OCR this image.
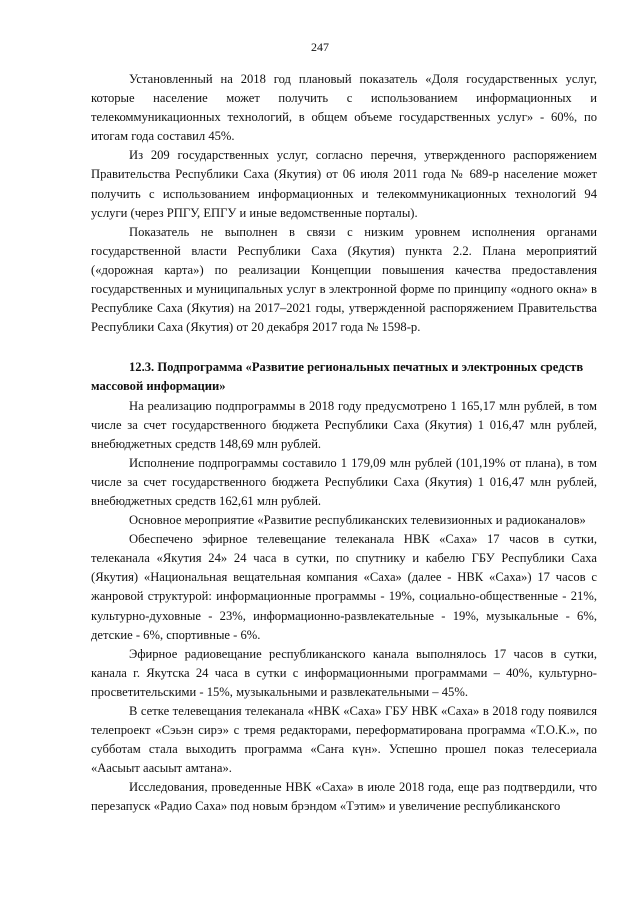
247

Установленный на 2018 год плановый показатель «Доля государственных услуг, которые население может получить с использованием информационных и телекоммуникационных технологий, в общем объеме государственных услуг» - 60%, по итогам года составил 45%.

Из 209 государственных услуг, согласно перечня, утвержденного распоряжением Правительства Республики Саха (Якутия) от 06 июля 2011 года № 689-р население может получить с использованием информационных и телекоммуникационных технологий 94 услуги (через РПГУ, ЕПГУ и иные ведомственные порталы).

Показатель не выполнен в связи с низким уровнем исполнения органами государственной власти Республики Саха (Якутия) пункта 2.2. Плана мероприятий («дорожная карта») по реализации Концепции повышения качества предоставления государственных и муниципальных услуг в электронной форме по принципу «одного окна» в Республике Саха (Якутия) на 2017–2021 годы, утвержденной распоряжением Правительства Республики Саха (Якутия) от 20 декабря 2017 года № 1598-р.

12.3. Подпрограмма «Развитие региональных печатных и электронных средств массовой информации»

На реализацию подпрограммы в 2018 году предусмотрено 1 165,17 млн рублей, в том числе за счет государственного бюджета Республики Саха (Якутия) 1 016,47 млн рублей, внебюджетных средств 148,69 млн рублей.

Исполнение подпрограммы составило 1 179,09 млн рублей (101,19% от плана), в том числе за счет государственного бюджета Республики Саха (Якутия) 1 016,47 млн рублей, внебюджетных средств 162,61 млн рублей.

Основное мероприятие «Развитие республиканских телевизионных и радиоканалов»

Обеспечено эфирное телевещание телеканала НВК «Саха» 17 часов в сутки, телеканала «Якутия 24» 24 часа в сутки, по спутнику и кабелю ГБУ Республики Саха (Якутия) «Национальная вещательная компания «Саха» (далее - НВК «Саха») 17 часов с жанровой структурой: информационные программы - 19%, социально-общественные - 21%, культурно-духовные - 23%, информационно-развлекательные - 19%, музыкальные - 6%, детские - 6%, спортивные - 6%.

Эфирное радиовещание республиканского канала выполнялось 17 часов в сутки, канала г. Якутска 24 часа в сутки с информационными программами – 40%, культурно-просветительскими - 15%, музыкальными и развлекательными – 45%.

В сетке телевещания телеканала «НВК «Саха» ГБУ НВК «Саха» в 2018 году появился телепроект «Сэьэн сирэ» с тремя редакторами, переформатирована программа «Т.О.К.», по субботам стала выходить программа «Саҥа күн». Успешно прошел показ телесериала «Аасыыт аасыыт амтана».

Исследования, проведенные НВК «Саха» в июле 2018 года, еще раз подтвердили, что перезапуск «Радио Саха» под новым брэндом «Тэтим» и увеличение республиканского
